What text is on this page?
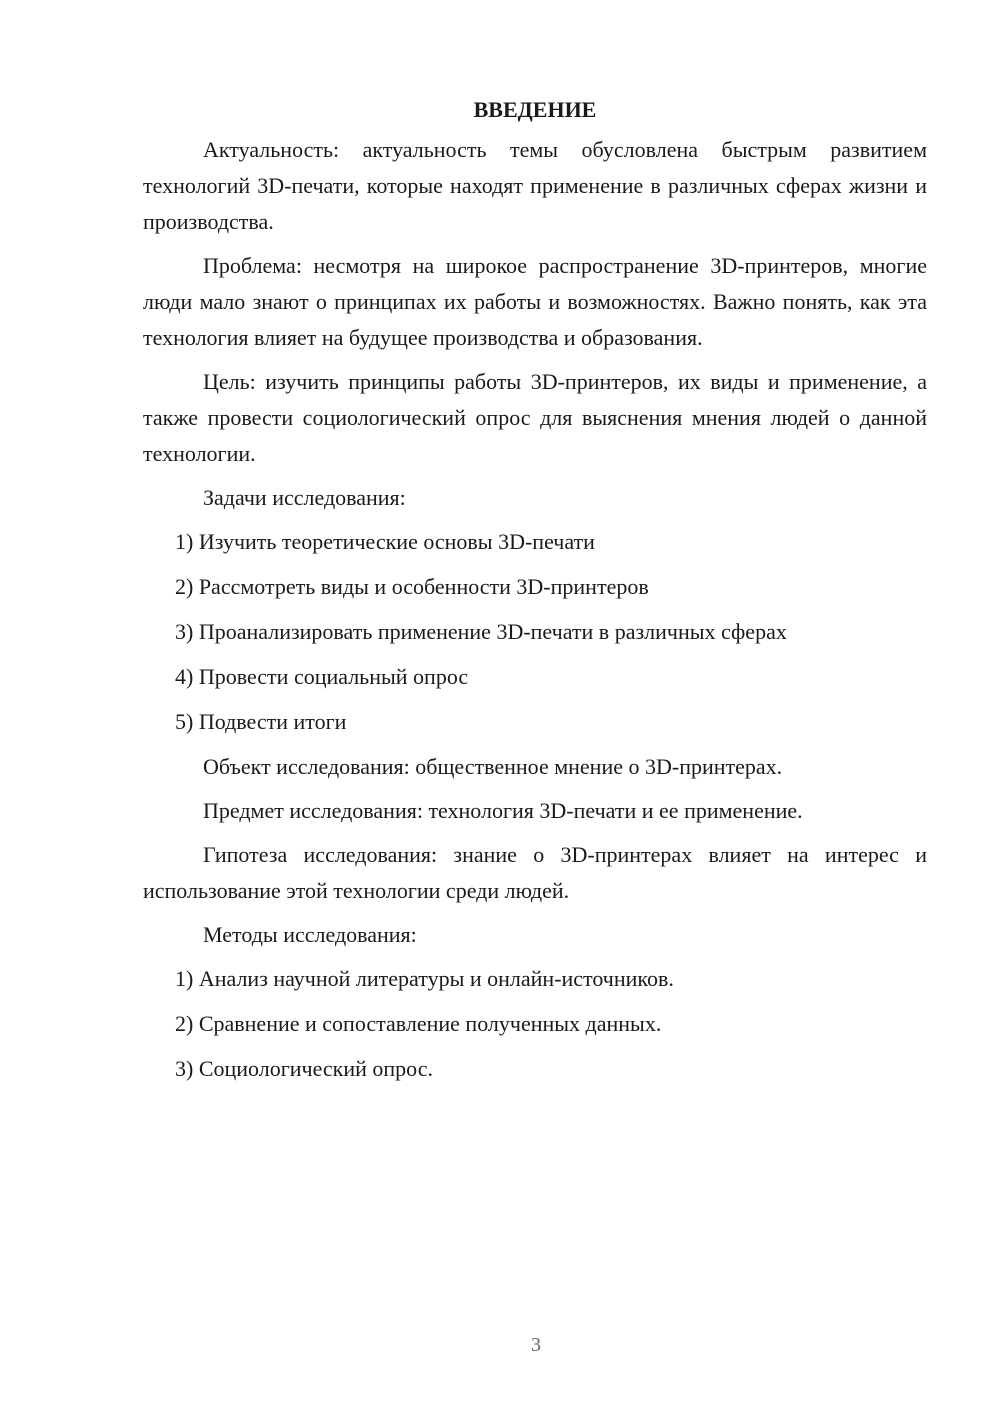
ВВЕДЕНИЕ

Актуальность: актуальность темы обусловлена быстрым развитием технологий 3D-печати, которые находят применение в различных сферах жизни и производства.

Проблема: несмотря на широкое распространение 3D-принтеров, многие люди мало знают о принципах их работы и возможностях. Важно понять, как эта технология влияет на будущее производства и образования.

Цель: изучить принципы работы 3D-принтеров, их виды и применение, а также провести социологический опрос для выяснения мнения людей о данной технологии.

Задачи исследования:

1) Изучить теоретические основы 3D-печати
2) Рассмотреть виды и особенности 3D-принтеров
3) Проанализировать применение 3D-печати в различных сферах
4) Провести социальный опрос
5) Подвести итоги

Объект исследования: общественное мнение о 3D-принтерах.

Предмет исследования: технология 3D-печати и ее применение.

Гипотеза исследования: знание о 3D-принтерах влияет на интерес и использование этой технологии среди людей.

Методы исследования:

1) Анализ научной литературы и онлайн-источников.
2) Сравнение и сопоставление полученных данных.
3) Социологический опрос.
3
